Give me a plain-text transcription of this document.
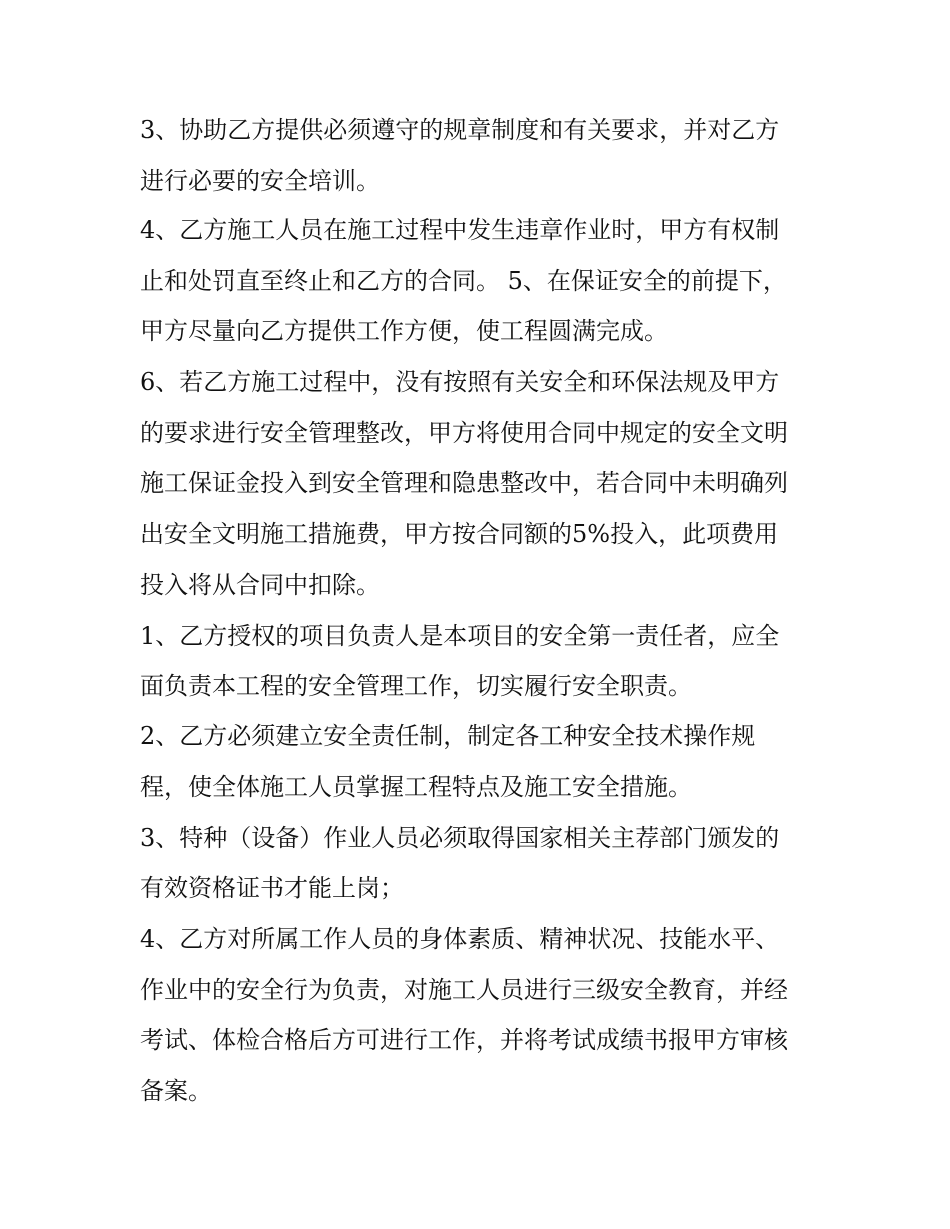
3、协助乙方提供必须遵守的规章制度和有关要求，并对乙方

进行必要的安全培训。

4、乙方施工人员在施工过程中发生违章作业时，甲方有权制

止和处罚直至终止和乙方的合同。 5、在保证安全的前提下，

甲方尽量向乙方提供工作方便，使工程圆满完成。

6、若乙方施工过程中，没有按照有关安全和环保法规及甲方

的要求进行安全管理整改，甲方将使用合同中规定的安全文明

施工保证金投入到安全管理和隐患整改中，若合同中未明确列

出安全文明施工措施费，甲方按合同额的5%投入，此项费用

投入将从合同中扣除。

1、乙方授权的项目负责人是本项目的安全第一责任者，应全

面负责本工程的安全管理工作，切实履行安全职责。

2、乙方必须建立安全责任制，制定各工种安全技术操作规

程，使全体施工人员掌握工程特点及施工安全措施。

3、特种（设备）作业人员必须取得国家相关主荐部门颁发的

有效资格证书才能上岗；

4、乙方对所属工作人员的身体素质、精神状况、技能水平、

作业中的安全行为负责，对施工人员进行三级安全教育，并经

考试、体检合格后方可进行工作，并将考试成绩书报甲方审核

备案。
